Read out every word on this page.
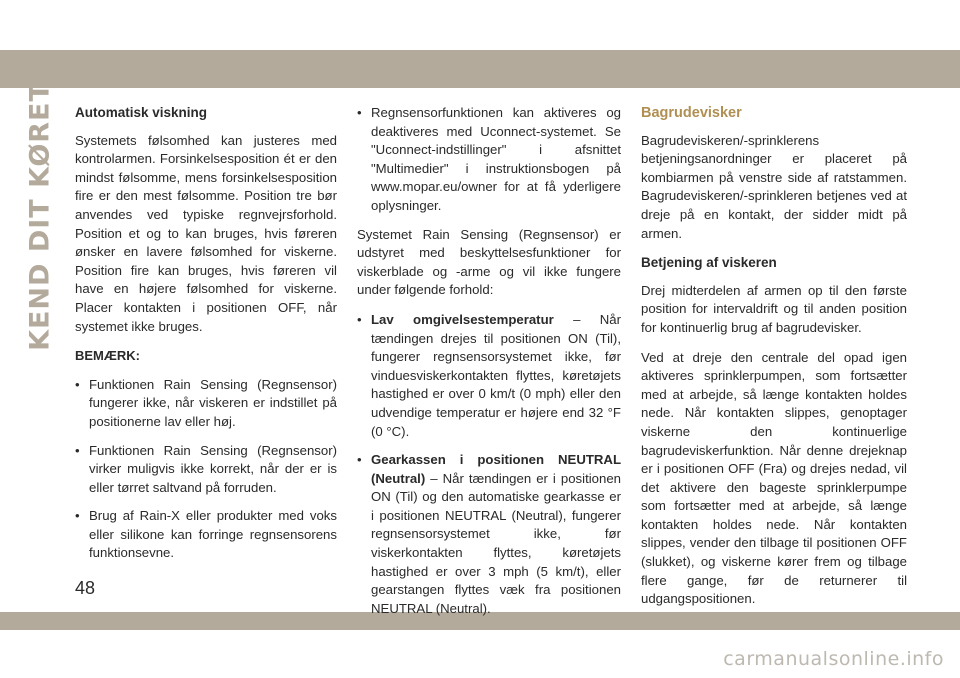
KEND DIT KØRETØJ Automatisk viskning

Systemets følsomhed kan justeres med kontrolarmen. Forsinkelsesposition ét er den mindst følsomme, mens forsinkelsesposition fire er den mest følsomme. Position tre bør anvendes ved typiske regnvejrsforhold. Position et og to kan bruges, hvis føreren ønsker en lavere følsomhed for viskerne. Position fire kan bruges, hvis føreren vil have en højere følsomhed for viskerne. Placer kontakten i positionen OFF, når systemet ikke bruges.

BEMÆRK:
• Funktionen Rain Sensing (Regnsensor) fungerer ikke, når viskeren er indstillet på positionerne lav eller høj.
• Funktionen Rain Sensing (Regnsensor) virker muligvis ikke korrekt, når der er is eller tørret saltvand på forruden.
• Brug af Rain-X eller produkter med voks eller silikone kan forringe regnsensorens funktionsevne.
• Regnsensorfunktionen kan aktiveres og deaktiveres med Uconnect-systemet. Se "Uconnect-indstillinger" i afsnittet "Multimedier" i instruktionsbogen på www.mopar.eu/owner for at få yderligere oplysninger.

Systemet Rain Sensing (Regnsensor) er udstyret med beskyttelsesfunktioner for viskerblade og -arme og vil ikke fungere under følgende forhold:

• Lav omgivelsestemperatur – Når tændingen drejes til positionen ON (Til), fungerer regnsensorsystemet ikke, før vinduesviskerkontakten flyttes, køretøjets hastighed er over 0 km/t (0 mph) eller den udvendige temperatur er højere end 32 °F (0 °C).
• Gearkassen i positionen NEUTRAL (Neutral) – Når tændingen er i positionen ON (Til) og den automatiske gearkasse er i positionen NEUTRAL (Neutral), fungerer regnsensorsystemet ikke, før viskerkontakten flyttes, køretøjets hastighed er over 3 mph (5 km/t), eller gearstangen flyttes væk fra positionen NEUTRAL (Neutral).
Bagrudevisker

Bagrudeviskeren/-sprinklerens betjeningsanordninger er placeret på kombiarmen på venstre side af ratstammen. Bagrudeviskeren/-sprinkleren betjenes ved at dreje på en kontakt, der sidder midt på armen.

Betjening af viskeren

Drej midterdelen af armen op til den første position for intervaldrift og til anden position for kontinuerlig brug af bagrudevisker.

Ved at dreje den centrale del opad igen aktiveres sprinklerpumpen, som fortsætter med at arbejde, så længe kontakten holdes nede. Når kontakten slippes, genoptager viskerne den kontinuerlige bagrudeviskerfunktion. Når denne drejeknap er i positionen OFF (Fra) og drejes nedad, vil det aktivere den bageste sprinklerpumpe som fortsætter med at arbejde, så længe kontakten holdes nede. Når kontakten slippes, vender den tilbage til positionen OFF (slukket), og viskerne kører frem og tilbage flere gange, før de returnerer til udgangspositionen.

48
carmanualsonline.info
